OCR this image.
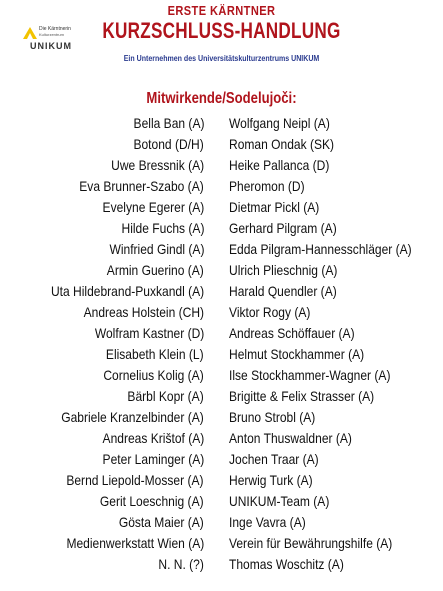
Die Kärntnerin
Kulturzentrum
UNIKUM
ERSTE KÄRNTNER
KURZSCHLUSS-HANDLUNG
Ein Unternehmen des Universitätskulturzentrums UNIKUM
Mitwirkende/Sodelujoči:
Bella Ban (A) Wolfgang Neipl (A)
Botond (D/H) Roman Ondak (SK)
Uwe Bressnik (A) Heike Pallanca (D)
Eva Brunner-Szabo (A) Pheromon (D)
Evelyne Egerer (A) Dietmar Pickl (A)
Hilde Fuchs (A) Gerhard Pilgram (A)
Winfried Gindl (A) Edda Pilgram-Hannesschläger (A)
Armin Guerino (A) Ulrich Plieschnig (A)
Uta Hildebrand-Puxkandl (A) Harald Quendler (A)
Andreas Holstein (CH) Viktor Rogy (A)
Wolfram Kastner (D) Andreas Schöffauer (A)
Elisabeth Klein (L) Helmut Stockhammer (A)
Cornelius Kolig (A) Ilse Stockhammer-Wagner (A)
Bärbl Kopr (A) Brigitte & Felix Strasser (A)
Gabriele Kranzelbinder (A) Bruno Strobl (A)
Andreas Krištof (A) Anton Thuswaldner (A)
Peter Laminger (A) Jochen Traar (A)
Bernd Liepold-Mosser (A) Herwig Turk (A)
Gerit Loeschnig (A) UNIKUM-Team (A)
Gösta Maier (A) Inge Vavra (A)
Medienwerkstatt Wien (A) Verein für Bewährungshilfe (A)
N. N. (?) Thomas Woschitz (A)
